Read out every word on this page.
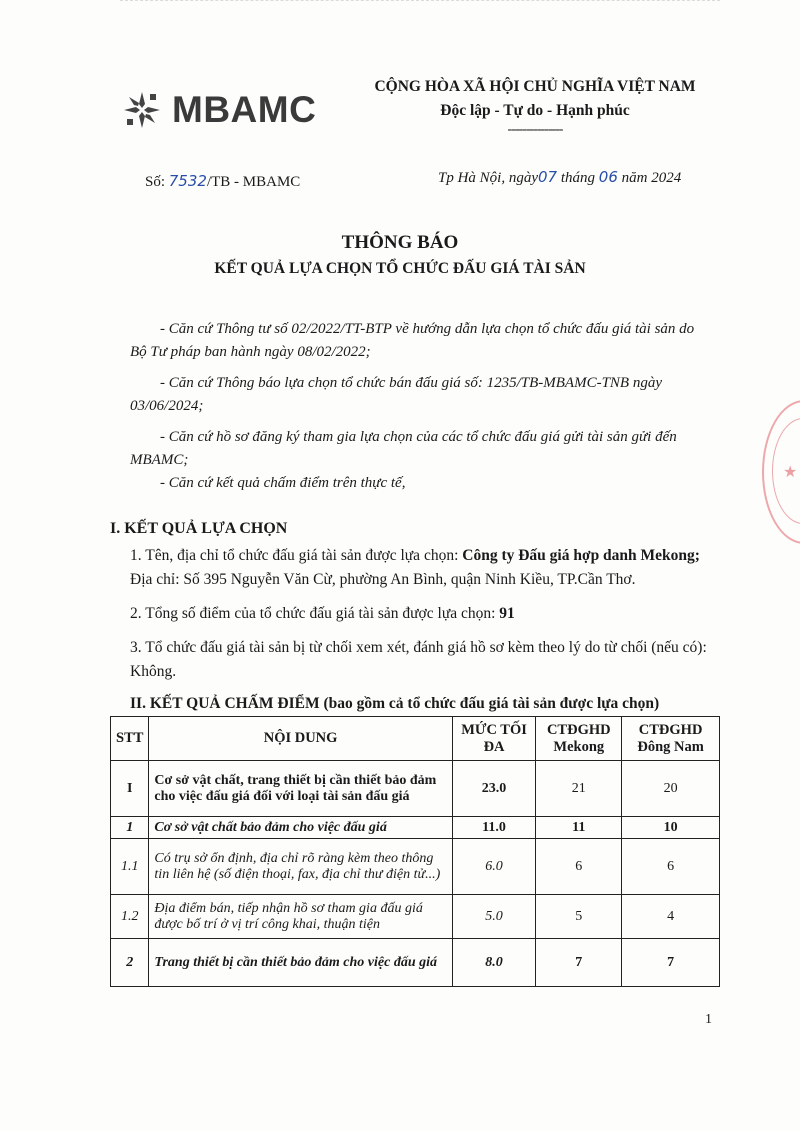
MBAMC
CỘNG HÒA XÃ HỘI CHỦ NGHĨA VIỆT NAM
Độc lập - Tự do - Hạnh phúc
---------------
Số: 7532/TB - MBAMC	Tp Hà Nội, ngày07 tháng 06 năm 2024
THÔNG BÁO
KẾT QUẢ LỰA CHỌN TỔ CHỨC ĐẤU GIÁ TÀI SẢN

- Căn cứ Thông tư số 02/2022/TT-BTP về hướng dẫn lựa chọn tổ chức đấu giá tài sản do Bộ Tư pháp ban hành ngày 08/02/2022;

- Căn cứ Thông báo lựa chọn tổ chức bán đấu giá số: 1235/TB-MBAMC-TNB ngày 03/06/2024;

- Căn cứ hồ sơ đăng ký tham gia lựa chọn của các tổ chức đấu giá gửi tài sản gửi đến MBAMC;

- Căn cứ kết quả chấm điểm trên thực tế,

I. KẾT QUẢ LỰA CHỌN

1. Tên, địa chỉ tổ chức đấu giá tài sản được lựa chọn: Công ty Đấu giá hợp danh Mekong; Địa chỉ: Số 395 Nguyễn Văn Cừ, phường An Bình, quận Ninh Kiều, TP.Cần Thơ.

2. Tổng số điểm của tổ chức đấu giá tài sản được lựa chọn: 91

3. Tổ chức đấu giá tài sản bị từ chối xem xét, đánh giá hồ sơ kèm theo lý do từ chối (nếu có): Không.

II. KẾT QUẢ CHẤM ĐIỂM (bao gồm cả tổ chức đấu giá tài sản được lựa chọn)
STT	NỘI DUNG	MỨC TỐI ĐA	CTĐGHD Mekong	CTĐGHD Đông Nam
I	Cơ sở vật chất, trang thiết bị cần thiết bảo đảm cho việc đấu giá đối với loại tài sản đấu giá	23.0	21	20
1	Cơ sở vật chất bảo đảm cho việc đấu giá	11.0	11	10
1.1	Có trụ sở ổn định, địa chỉ rõ ràng kèm theo thông tin liên hệ (số điện thoại, fax, địa chỉ thư điện tử...)	6.0	6	6
1.2	Địa điểm bán, tiếp nhận hồ sơ tham gia đấu giá được bố trí ở vị trí công khai, thuận tiện	5.0	5	4
2	Trang thiết bị cần thiết bảo đảm cho việc đấu giá	8.0	7	7
★
1
